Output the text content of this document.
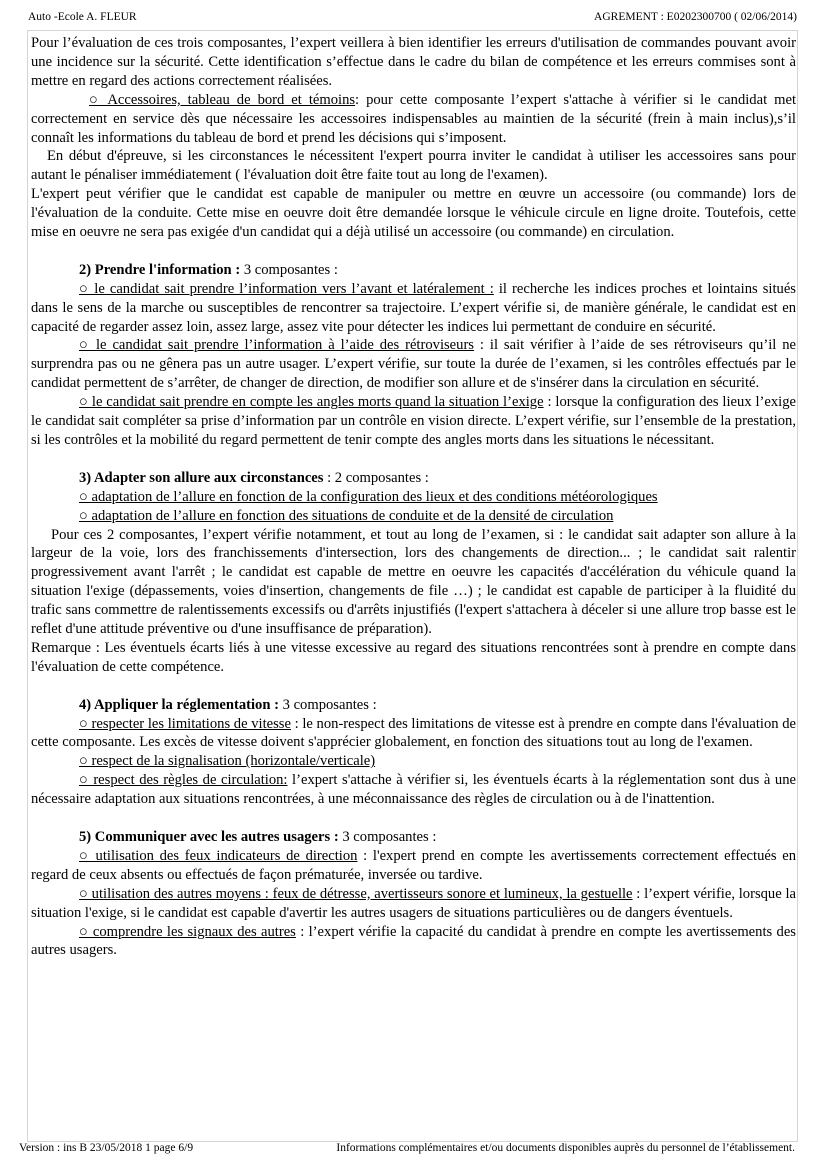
Auto -Ecole A. FLEUR	AGREMENT : E0202300700 ( 02/06/2014)

Pour l’évaluation de ces trois composantes, l’expert veillera à bien identifier les erreurs d'utilisation de commandes pouvant avoir une incidence sur la sécurité. Cette identification s’effectue dans le cadre du bilan de compétence et les erreurs commises sont à mettre en regard des actions correctement réalisées.

○ Accessoires, tableau de bord et témoins: pour cette composante l’expert s'attache à vérifier si le candidat met correctement en service dès que nécessaire les accessoires indispensables au maintien de la sécurité (frein à main inclus),s’il connaît les informations du tableau de bord et prend les décisions qui s’imposent.

En début d'épreuve, si les circonstances le nécessitent l'expert pourra inviter le candidat à utiliser les accessoires sans pour autant le pénaliser immédiatement ( l'évaluation doit être faite tout au long de l'examen).

L'expert peut vérifier que le candidat est capable de manipuler ou mettre en œuvre un accessoire (ou commande) lors de l'évaluation de la conduite. Cette mise en oeuvre doit être demandée lorsque le véhicule circule en ligne droite. Toutefois, cette mise en oeuvre ne sera pas exigée d'un candidat qui a déjà utilisé un accessoire (ou commande) en circulation.

2) Prendre l'information : 3 composantes :

○ le candidat sait prendre l’information vers l’avant et latéralement : il recherche les indices proches et lointains situés dans le sens de la marche ou susceptibles de rencontrer sa trajectoire. L’expert vérifie si, de manière générale, le candidat est en capacité de regarder assez loin, assez large, assez vite pour détecter les indices lui permettant de conduire en sécurité.

○ le candidat sait prendre l’information à l’aide des rétroviseurs : il sait vérifier à l’aide de ses rétroviseurs qu’il ne surprendra pas ou ne gênera pas un autre usager. L’expert vérifie, sur toute la durée de l’examen, si les contrôles effectués par le candidat permettent de s’arrêter, de changer de direction, de modifier son allure et de s'insérer dans la circulation en sécurité.

○ le candidat sait prendre en compte les angles morts quand la situation l’exige : lorsque la configuration des lieux l’exige le candidat sait compléter sa prise d’information par un contrôle en vision directe. L’expert vérifie, sur l’ensemble de la prestation, si les contrôles et la mobilité du regard permettent de tenir compte des angles morts dans les situations le nécessitant.

3) Adapter son allure aux circonstances : 2 composantes :

○ adaptation de l’allure en fonction de la configuration des lieux et des conditions météorologiques

○ adaptation de l’allure en fonction des situations de conduite et de la densité de circulation

Pour ces 2 composantes, l’expert vérifie notamment, et tout au long de l’examen, si : le candidat sait adapter son allure à la largeur de la voie, lors des franchissements d'intersection, lors des changements de direction... ; le candidat sait ralentir progressivement avant l'arrêt ; le candidat est capable de mettre en oeuvre les capacités d'accélération du véhicule quand la situation l'exige (dépassements, voies d'insertion, changements de file …) ; le candidat est capable de participer à la fluidité du trafic sans commettre de ralentissements excessifs ou d'arrêts injustifiés (l'expert s'attachera à déceler si une allure trop basse est le reflet d'une attitude préventive ou d'une insuffisance de préparation).

Remarque : Les éventuels écarts liés à une vitesse excessive au regard des situations rencontrées sont à prendre en compte dans l'évaluation de cette compétence.

4) Appliquer la réglementation : 3 composantes :

○ respecter les limitations de vitesse : le non-respect des limitations de vitesse est à prendre en compte dans l'évaluation de cette composante. Les excès de vitesse doivent s'apprécier globalement, en fonction des situations tout au long de l'examen.

○ respect de la signalisation (horizontale/verticale)

○ respect des règles de circulation: l’expert s'attache à vérifier si, les éventuels écarts à la réglementation sont dus à une nécessaire adaptation aux situations rencontrées, à une méconnaissance des règles de circulation ou à de l'inattention.

5) Communiquer avec les autres usagers : 3 composantes :

○ utilisation des feux indicateurs de direction : l'expert prend en compte les avertissements correctement effectués en regard de ceux absents ou effectués de façon prématurée, inversée ou tardive.

○ utilisation des autres moyens : feux de détresse, avertisseurs sonore et lumineux, la gestuelle : l’expert vérifie, lorsque la situation l'exige, si le candidat est capable d'avertir les autres usagers de situations particulières ou de dangers éventuels.

○ comprendre les signaux des autres : l’expert vérifie la capacité du candidat à prendre en compte les avertissements des autres usagers.

Version : ins B 23/05/2018 1 page 6/9	Informations complémentaires et/ou documents disponibles auprès du personnel de l’établissement.
